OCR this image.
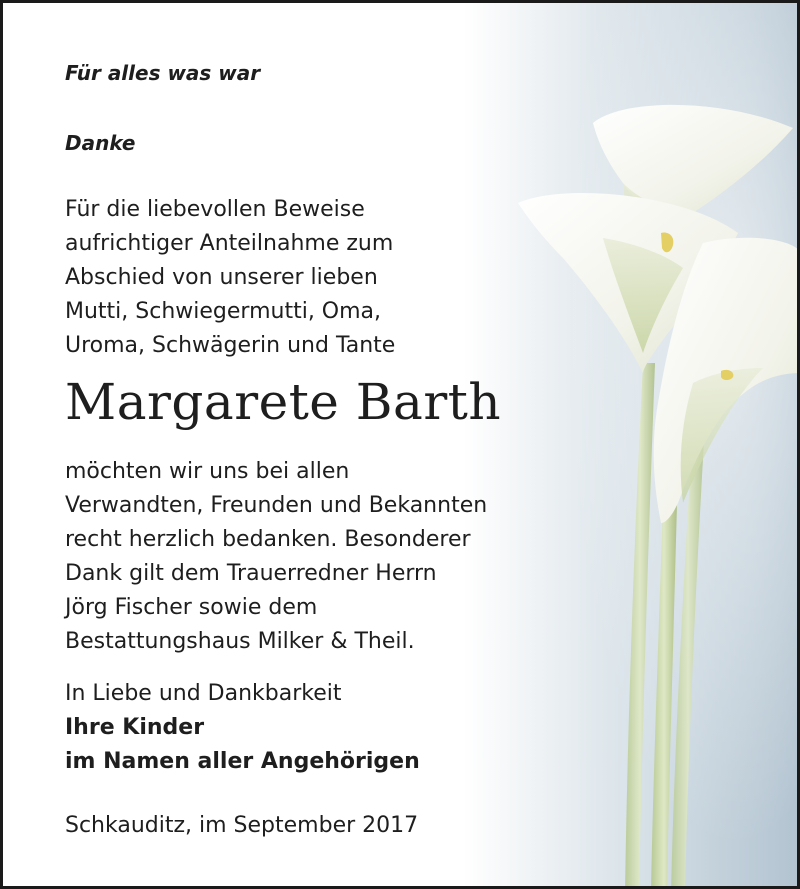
Für alles was war
Danke
Für die liebevollen Beweise
aufrichtiger Anteilnahme zum
Abschied von unserer lieben
Mutti, Schwiegermutti, Oma,
Uroma, Schwägerin und Tante
Margarete Barth
möchten wir uns bei allen
Verwandten, Freunden und Bekannten
recht herzlich bedanken. Besonderer
Dank gilt dem Trauerredner Herrn
Jörg Fischer sowie dem
Bestattungshaus Milker & Theil.
In Liebe und Dankbarkeit
Ihre Kinder
im Namen aller Angehörigen
Schkauditz, im September 2017
